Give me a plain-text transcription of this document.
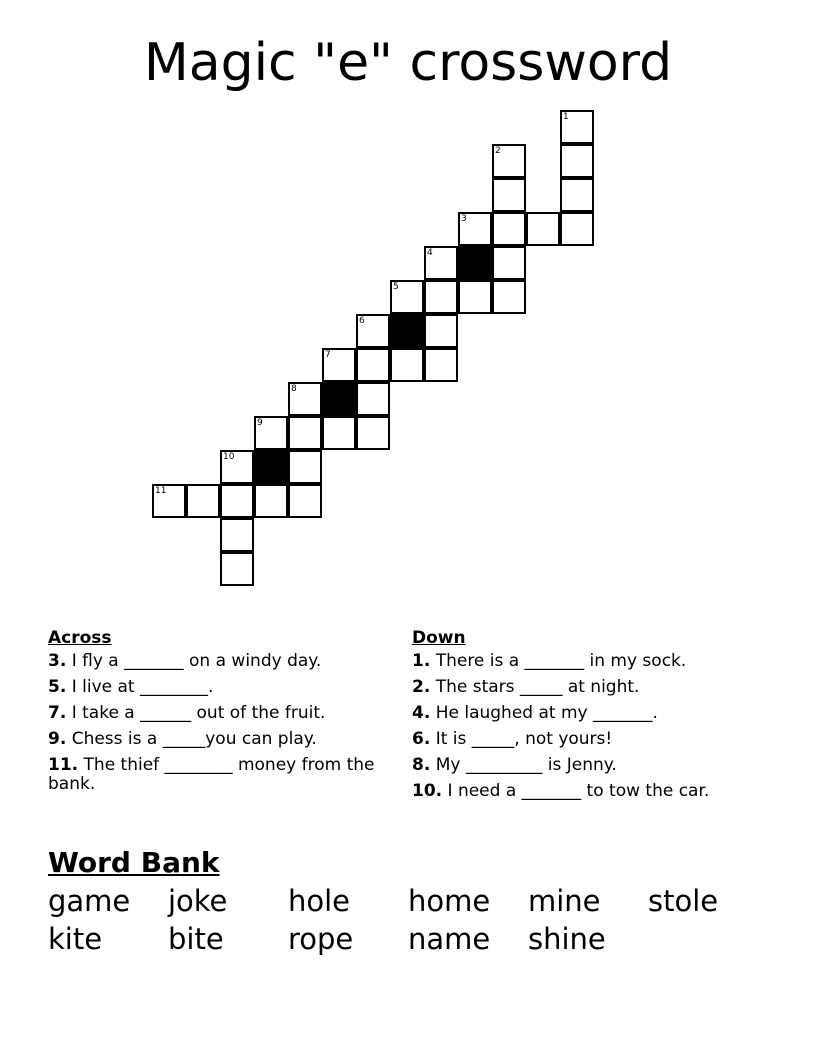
Magic "e" crossword
1
2
3
4
5
6
7
8
9
10
11
Across
3. I fly a _______ on a windy day.
5. I live at ________.
7. I take a ______ out of the fruit.
9. Chess is a _____you can play.
11. The thief ________ money from the bank.
Down
1. There is a _______ in my sock.
2. The stars _____ at night.
4. He laughed at my _______.
6. It is _____, not yours!
8. My _________ is Jenny.
10. I need a _______ to tow the car.
Word Bank
game	joke	hole	home	mine	stole
kite	bite	rope	name	shine
